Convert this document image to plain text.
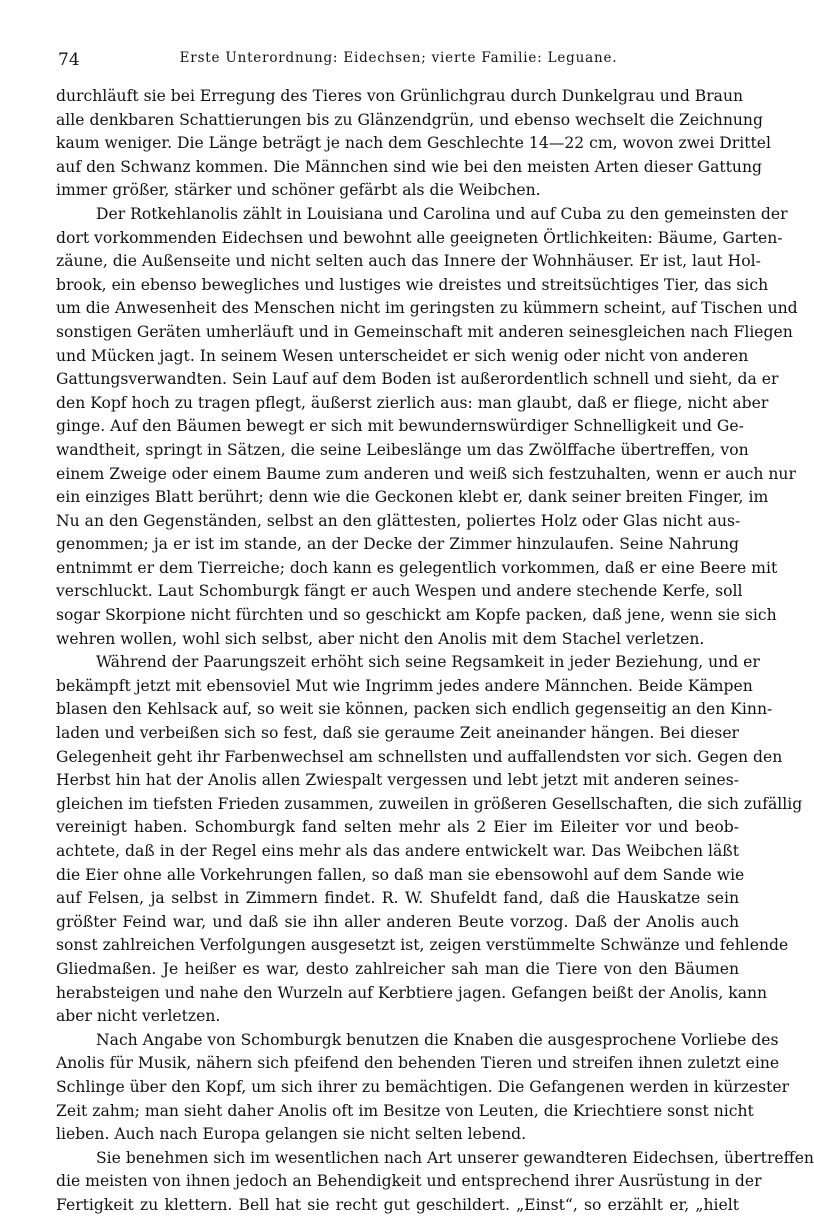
74	Erste Unterordnung: Eidechsen; vierte Familie: Leguane.
durchläuft sie bei Erregung des Tieres von Grünlichgrau durch Dunkelgrau und Braun
alle denkbaren Schattierungen bis zu Glänzendgrün, und ebenso wechselt die Zeichnung
kaum weniger. Die Länge beträgt je nach dem Geschlechte 14—22 cm, wovon zwei Drittel
auf den Schwanz kommen. Die Männchen sind wie bei den meisten Arten dieser Gattung
immer größer, stärker und schöner gefärbt als die Weibchen.
Der Rotkehlanolis zählt in Louisiana und Carolina und auf Cuba zu den gemeinsten der
dort vorkommenden Eidechsen und bewohnt alle geeigneten Örtlichkeiten: Bäume, Garten-
zäune, die Außenseite und nicht selten auch das Innere der Wohnhäuser. Er ist, laut Hol-
brook, ein ebenso bewegliches und lustiges wie dreistes und streitsüchtiges Tier, das sich
um die Anwesenheit des Menschen nicht im geringsten zu kümmern scheint, auf Tischen und
sonstigen Geräten umherläuft und in Gemeinschaft mit anderen seinesgleichen nach Fliegen
und Mücken jagt. In seinem Wesen unterscheidet er sich wenig oder nicht von anderen
Gattungsverwandten. Sein Lauf auf dem Boden ist außerordentlich schnell und sieht, da er
den Kopf hoch zu tragen pflegt, äußerst zierlich aus: man glaubt, daß er fliege, nicht aber
ginge. Auf den Bäumen bewegt er sich mit bewundernswürdiger Schnelligkeit und Ge-
wandtheit, springt in Sätzen, die seine Leibeslänge um das Zwölffache übertreffen, von
einem Zweige oder einem Baume zum anderen und weiß sich festzuhalten, wenn er auch nur
ein einziges Blatt berührt; denn wie die Geckonen klebt er, dank seiner breiten Finger, im
Nu an den Gegenständen, selbst an den glättesten, poliertes Holz oder Glas nicht aus-
genommen; ja er ist im stande, an der Decke der Zimmer hinzulaufen. Seine Nahrung
entnimmt er dem Tierreiche; doch kann es gelegentlich vorkommen, daß er eine Beere mit
verschluckt. Laut Schomburgk fängt er auch Wespen und andere stechende Kerfe, soll
sogar Skorpione nicht fürchten und so geschickt am Kopfe packen, daß jene, wenn sie sich
wehren wollen, wohl sich selbst, aber nicht den Anolis mit dem Stachel verletzen.
Während der Paarungszeit erhöht sich seine Regsamkeit in jeder Beziehung, und er
bekämpft jetzt mit ebensoviel Mut wie Ingrimm jedes andere Männchen. Beide Kämpen
blasen den Kehlsack auf, so weit sie können, packen sich endlich gegenseitig an den Kinn-
laden und verbeißen sich so fest, daß sie geraume Zeit aneinander hängen. Bei dieser
Gelegenheit geht ihr Farbenwechsel am schnellsten und auffallendsten vor sich. Gegen den
Herbst hin hat der Anolis allen Zwiespalt vergessen und lebt jetzt mit anderen seines-
gleichen im tiefsten Frieden zusammen, zuweilen in größeren Gesellschaften, die sich zufällig
vereinigt haben. Schomburgk fand selten mehr als 2 Eier im Eileiter vor und beob-
achtete, daß in der Regel eins mehr als das andere entwickelt war. Das Weibchen läßt
die Eier ohne alle Vorkehrungen fallen, so daß man sie ebensowohl auf dem Sande wie
auf Felsen, ja selbst in Zimmern findet. R. W. Shufeldt fand, daß die Hauskatze sein
größter Feind war, und daß sie ihn aller anderen Beute vorzog. Daß der Anolis auch
sonst zahlreichen Verfolgungen ausgesetzt ist, zeigen verstümmelte Schwänze und fehlende
Gliedmaßen. Je heißer es war, desto zahlreicher sah man die Tiere von den Bäumen
herabsteigen und nahe den Wurzeln auf Kerbtiere jagen. Gefangen beißt der Anolis, kann
aber nicht verletzen.
Nach Angabe von Schomburgk benutzen die Knaben die ausgesprochene Vorliebe des
Anolis für Musik, nähern sich pfeifend den behenden Tieren und streifen ihnen zuletzt eine
Schlinge über den Kopf, um sich ihrer zu bemächtigen. Die Gefangenen werden in kürzester
Zeit zahm; man sieht daher Anolis oft im Besitze von Leuten, die Kriechtiere sonst nicht
lieben. Auch nach Europa gelangen sie nicht selten lebend.
Sie benehmen sich im wesentlichen nach Art unserer gewandteren Eidechsen, übertreffen
die meisten von ihnen jedoch an Behendigkeit und entsprechend ihrer Ausrüstung in der
Fertigkeit zu klettern. Bell hat sie recht gut geschildert. „Einst“, so erzählt er, „hielt
